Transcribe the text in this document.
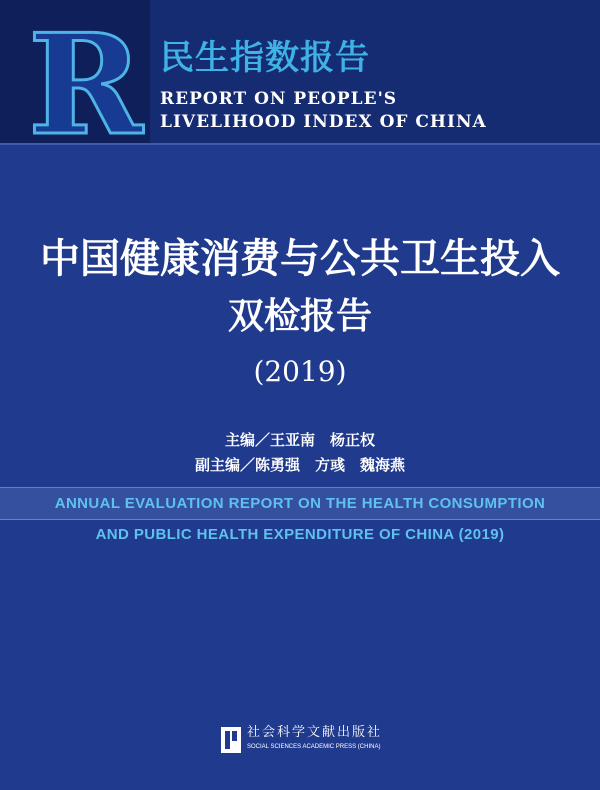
R 民生指数报告
REPORT ON PEOPLE'S
LIVELIHOOD INDEX OF CHINA
中国健康消费与公共卫生投入
双检报告
(2019)
主编／王亚南　杨正权
副主编／陈勇强　方彧　魏海燕
ANNUAL EVALUATION REPORT ON THE HEALTH CONSUMPTION
AND PUBLIC HEALTH EXPENDITURE OF CHINA (2019)
社会科学文献出版社
SOCIAL SCIENCES ACADEMIC PRESS (CHINA)
